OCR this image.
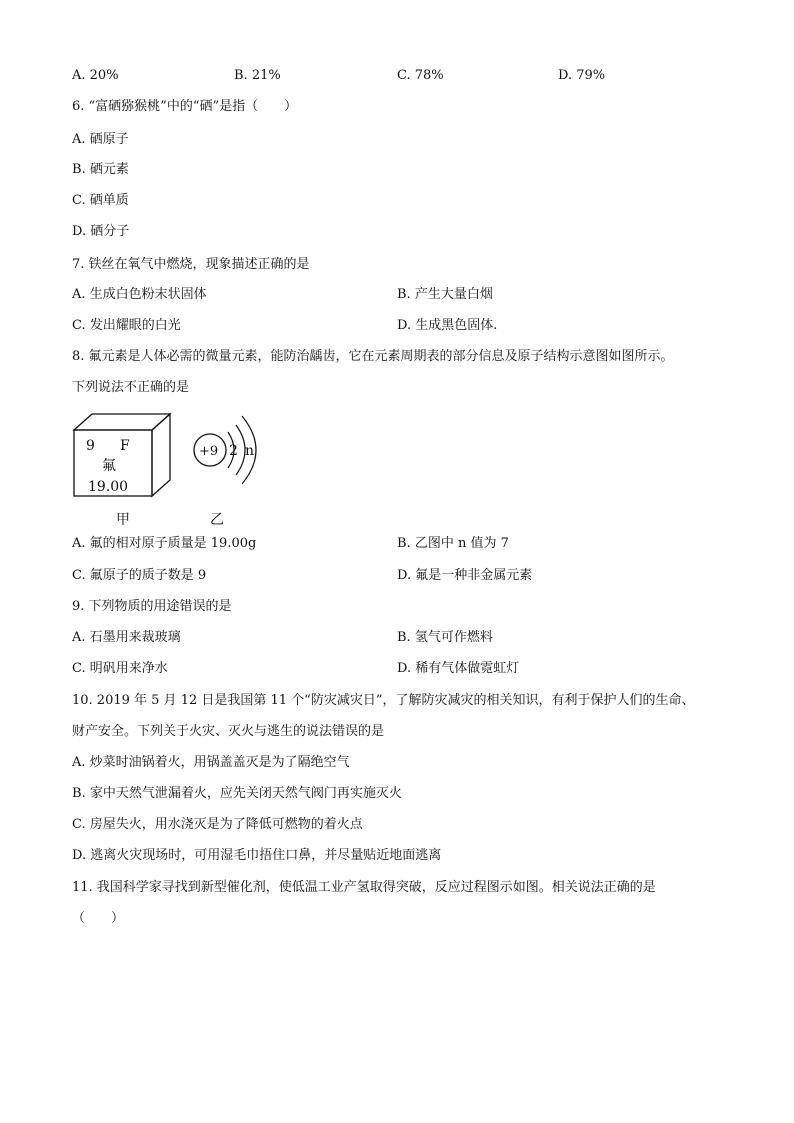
A. 20%	B. 21%	C. 78%	D. 79%
6. “富硒猕猴桃”中的“硒”是指（　　）
A. 硒原子
B. 硒元素
C. 硒单质
D. 硒分子
7. 铁丝在氧气中燃烧，现象描述正确的是
A. 生成白色粉末状固体	B. 产生大量白烟
C. 发出耀眼的白光	D. 生成黑色固体.
8. 氟元素是人体必需的微量元素，能防治龋齿，它在元素周期表的部分信息及原子结构示意图如图所示。
下列说法不正确的是
9 F
氟
19.00
+9 2 n
甲	乙
A. 氟的相对原子质量是 19.00g	B. 乙图中 n 值为 7
C. 氟原子的质子数是 9	D. 氟是一种非金属元素
9. 下列物质的用途错误的是
A. 石墨用来裁玻璃	B. 氢气可作燃料
C. 明矾用来净水	D. 稀有气体做霓虹灯
10. 2019 年 5 月 12 日是我国第 11 个“防灾减灾日”，了解防灾减灾的相关知识，有利于保护人们的生命、
财产安全。下列关于火灾、灭火与逃生的说法错误的是
A. 炒菜时油锅着火，用锅盖盖灭是为了隔绝空气
B. 家中天然气泄漏着火，应先关闭天然气阀门再实施灭火
C. 房屋失火，用水浇灭是为了降低可燃物的着火点
D. 逃离火灾现场时，可用湿毛巾捂住口鼻，并尽量贴近地面逃离
11. 我国科学家寻找到新型催化剂，使低温工业产氢取得突破，反应过程图示如图。相关说法正确的是
（　　）
